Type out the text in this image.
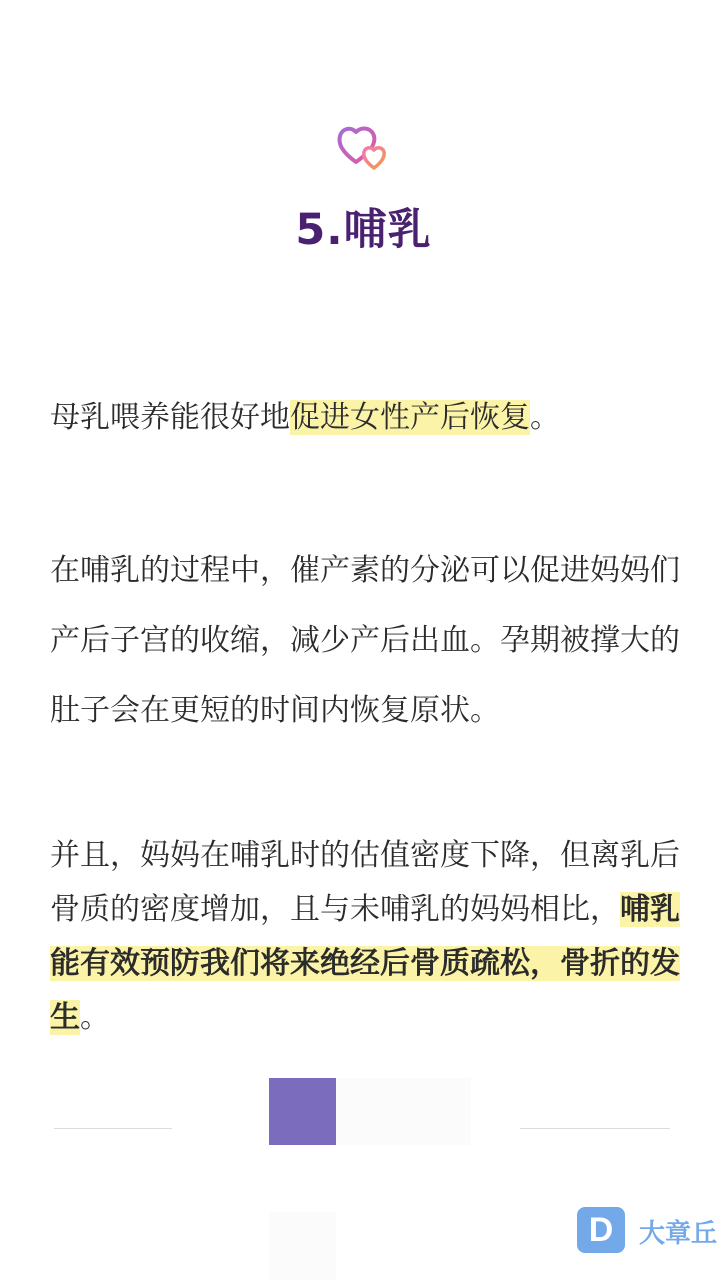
5.哺乳

母乳喂养能很好地促进女性产后恢复。

在哺乳的过程中，催产素的分泌可以促进妈妈们产后子宫的收缩，减少产后出血。孕期被撑大的肚子会在更短的时间内恢复原状。

并且，妈妈在哺乳时的估值密度下降，但离乳后骨质的密度增加，且与未哺乳的妈妈相比，哺乳能有效预防我们将来绝经后骨质疏松，骨折的发生。

D 大章丘
